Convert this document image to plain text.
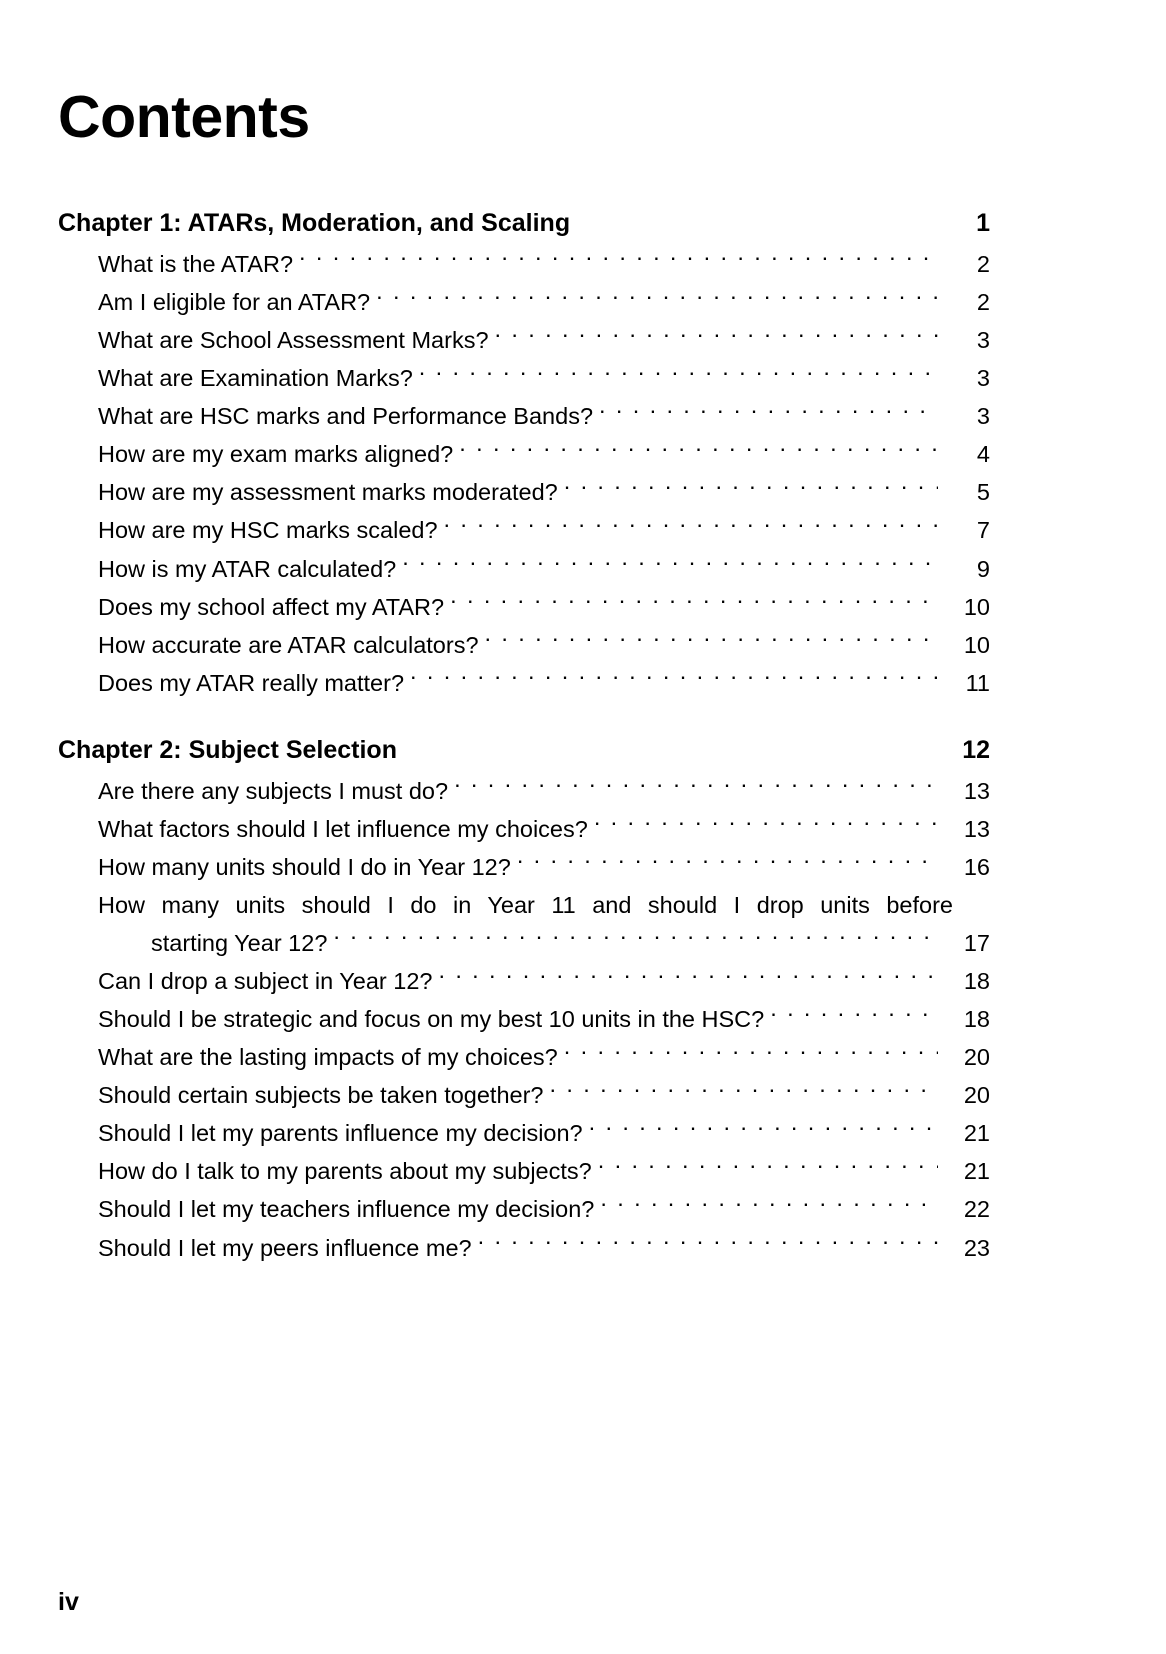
Contents
Chapter 1: ATARs, Moderation, and Scaling	1
What is the ATAR? . . .	2
Am I eligible for an ATAR? . . .	2
What are School Assessment Marks? . . .	3
What are Examination Marks? . . .	3
What are HSC marks and Performance Bands? . . .	3
How are my exam marks aligned? . . .	4
How are my assessment marks moderated? . . .	5
How are my HSC marks scaled? . . .	7
How is my ATAR calculated? . . .	9
Does my school affect my ATAR? . . .	10
How accurate are ATAR calculators? . . .	10
Does my ATAR really matter? . . .	11
Chapter 2: Subject Selection	12
Are there any subjects I must do? . . .	13
What factors should I let influence my choices? . . .	13
How many units should I do in Year 12? . . .	16
How many units should I do in Year 11 and should I drop units before
starting Year 12? . . .	17
Can I drop a subject in Year 12? . . .	18
Should I be strategic and focus on my best 10 units in the HSC? . . .	18
What are the lasting impacts of my choices? . . .	20
Should certain subjects be taken together? . . .	20
Should I let my parents influence my decision? . . .	21
How do I talk to my parents about my subjects? . . .	21
Should I let my teachers influence my decision? . . .	22
Should I let my peers influence me? . . .	23
iv
